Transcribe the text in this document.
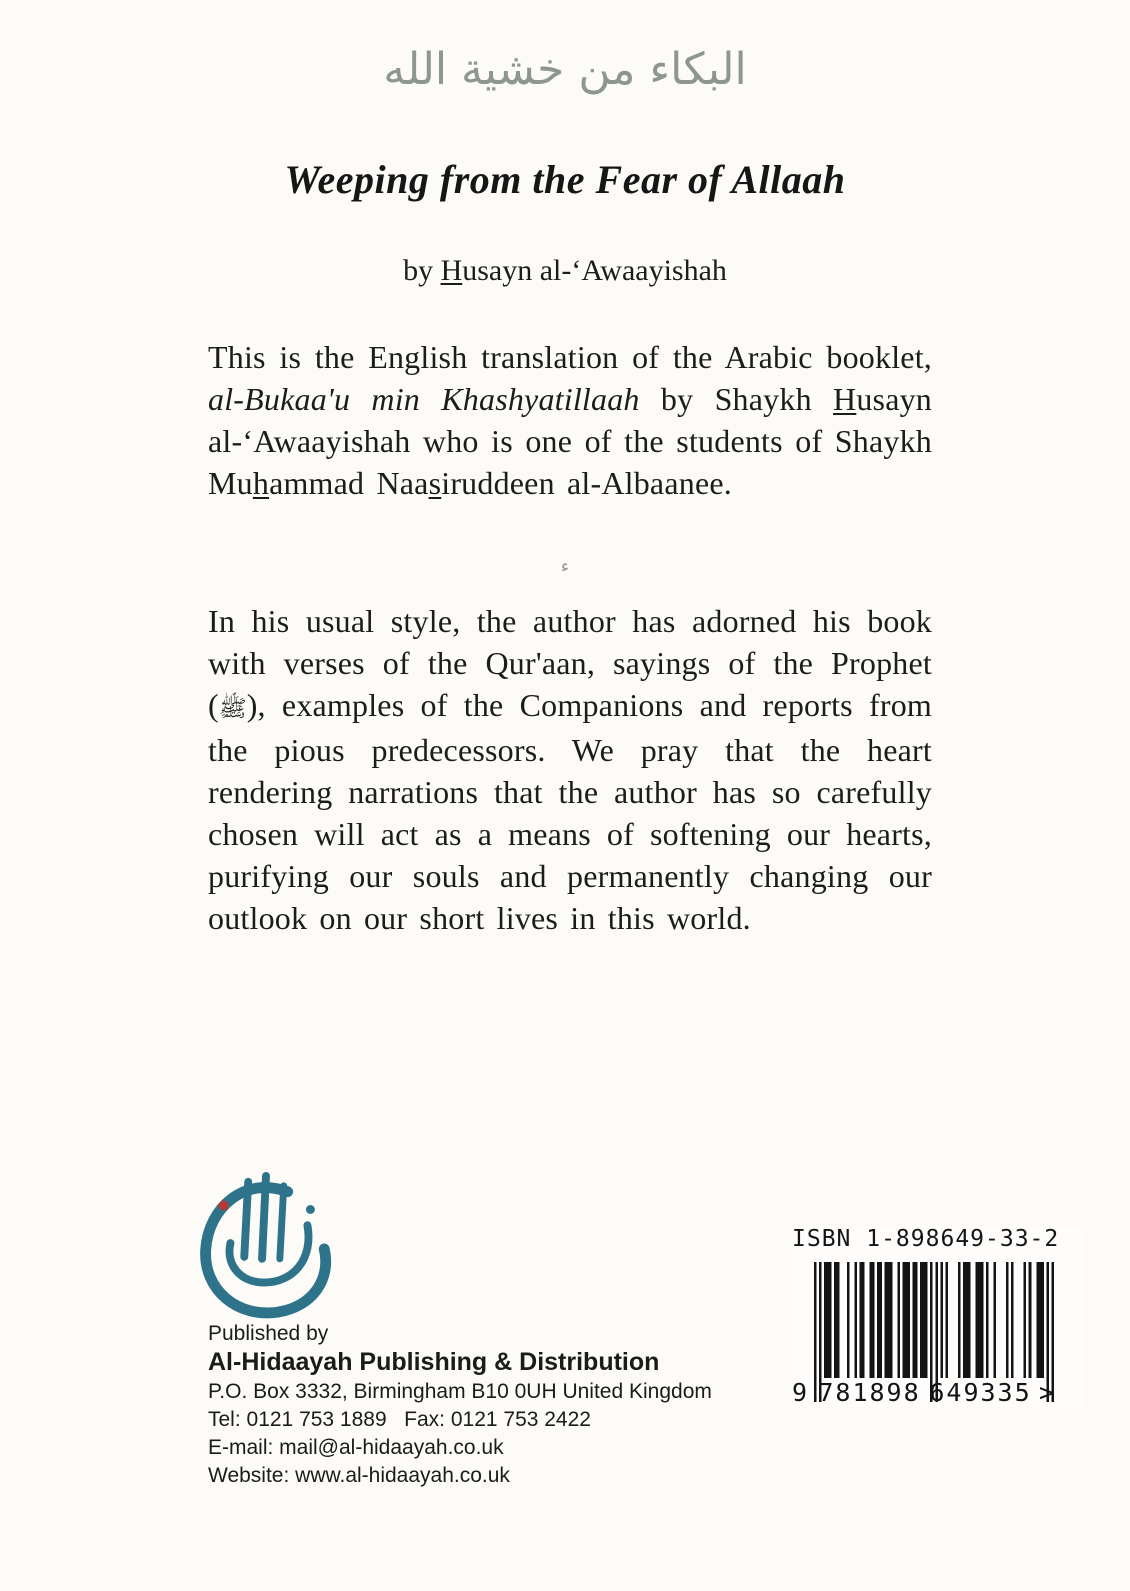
البكاء من خشية الله
Weeping from the Fear of Allaah
by Husayn al-‘Awaayishah

This is the English translation of the Arabic booklet, al-Bukaa'u min Khashyatillaah by Shaykh Husayn al-‘Awaayishah who is one of the students of Shaykh Muhammad Naasiruddeen al-Albaanee.

ء

In his usual style, the author has adorned his book with verses of the Qur'aan, sayings of the Prophet (ﷺ), examples of the Companions and reports from the pious predecessors. We pray that the heart rendering narrations that the author has so carefully chosen will act as a means of softening our hearts, purifying our souls and permanently changing our outlook on our short lives in this world.

Published by
Al-Hidaayah Publishing & Distribution
P.O. Box 3332, Birmingham B10 0UH United Kingdom
Tel: 0121 753 1889   Fax: 0121 753 2422
E-mail: mail@al-hidaayah.co.uk
Website: www.al-hidaayah.co.uk
ISBN 1-898649-33-2
9 781898 649335 >
